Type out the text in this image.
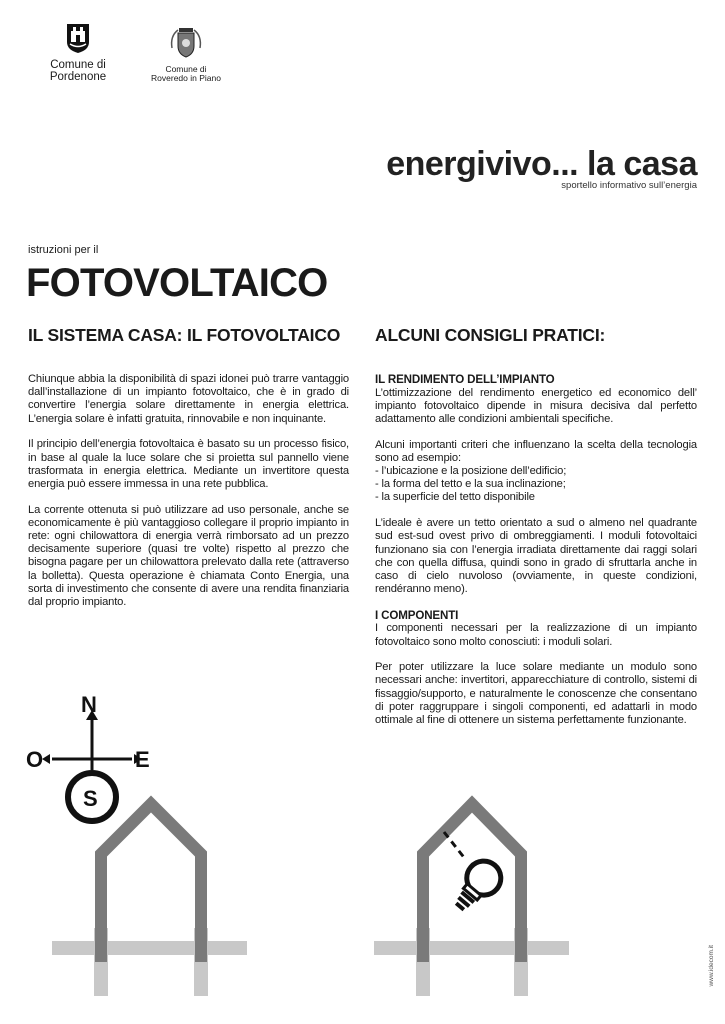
Comune di Pordenone
Comune di
Roveredo in Piano
energivivo... la casa
sportello informativo sull’energia
istruzioni per il
FOTOVOLTAICO
IL SISTEMA CASA: IL FOTOVOLTAICO ALCUNI CONSIGLI PRATICI:

Chiunque abbia la disponibilità di spazi idonei può trarre vantaggio dall’installazione di un impianto fotovoltaico, che è in grado di convertire l’energia solare direttamente in energia elettrica. L’energia solare è infatti gratuita, rinnovabile e non inquinante.

Il principio dell’energia fotovoltaica è basato su un processo fisico, in base al quale la luce solare che si proietta sul pannello viene trasformata in energia elettrica. Mediante un invertitore questa energia può essere immessa in una rete pubblica.

La corrente ottenuta si può utilizzare ad uso personale, anche se economicamente è più vantaggioso collegare il proprio impianto in rete: ogni chilowattora di energia verrà rimborsato ad un prezzo decisamente superiore (quasi tre volte) rispetto al prezzo che bisogna pagare per un chilowattora prelevato dalla rete (attraverso la bolletta). Questa operazione è chiamata Conto Energia, una sorta di investimento che consente di avere una rendita finanziaria dal proprio impianto.

IL RENDIMENTO DELL’IMPIANTO

L’ottimizzazione del rendimento energetico ed economico dell’ impianto fotovoltaico dipende in misura decisiva dal perfetto adattamento alle condizioni ambientali specifiche.

Alcuni importanti criteri che influenzano la scelta della tecnologia sono ad esempio:
- l’ubicazione e la posizione dell’edificio;
- la forma del tetto e la sua inclinazione;
- la superficie del tetto disponibile

L’ideale è avere un tetto orientato a sud o almeno nel quadrante sud est-sud ovest privo di ombreggiamenti. I moduli fotovoltaici funzionano sia con l’energia irradiata direttamente dai raggi solari che con quella diffusa, quindi sono in grado di sfruttarla anche in caso di cielo nuvoloso (ovviamente, in queste condizioni, rendéranno meno).

I COMPONENTI

I componenti necessari per la realizzazione di un impianto fotovoltaico sono molto conosciuti: i moduli solari.

Per poter utilizzare la luce solare mediante un modulo sono necessari anche: invertitori, apparecchiature di controllo, sistemi di fissaggio/supporto, e naturalmente le conoscenze che consentano di poter raggruppare i singoli componenti, ed adattarli in modo ottimale al fine di ottenere un sistema perfettamente funzionante.

N
O	E
S
www.idecom.it
